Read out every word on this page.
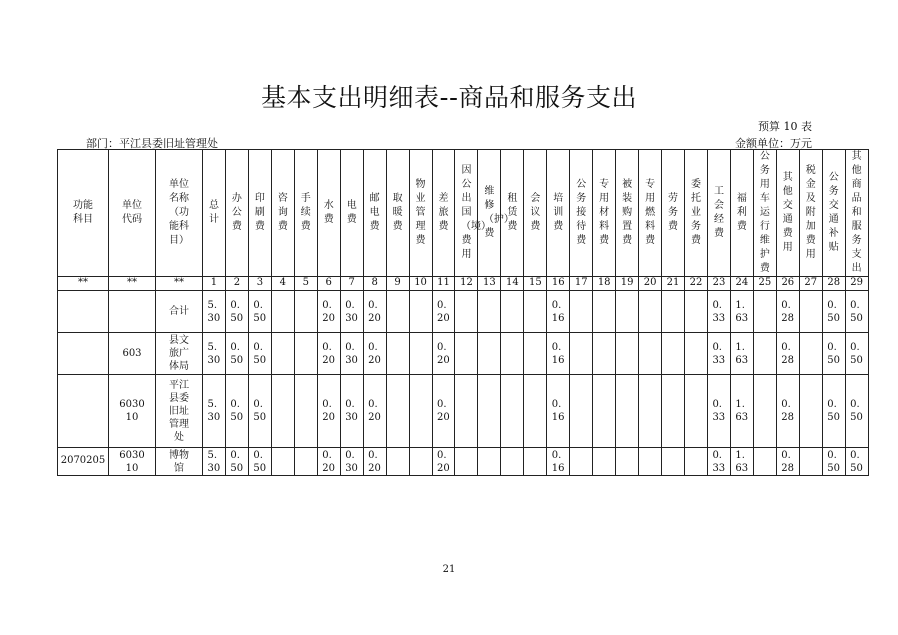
基本支出明细表--商品和服务支出
预算 10 表
部门：平江县委旧址管理处	金额单位：万元
功能科目	单位代码	单位名称（功能科目）	总计	办公费	印刷费	咨询费	手续费	水费	电费	邮电费	取暖费	物业管理费	差旅费	因公出国（境）费用	维修（护）费	租赁费	会议费	培训费	公务接待费	专用材料费	被装购置费	专用燃料费	劳务费	委托业务费	工会经费	福利费	公务用车运行维护费	其他交通费用	税金及附加费用	公务交通补贴	其他商品和服务支出

**	**	**	1	2	3	4	5	6	7	8	9	10	11	12	13	14	15	16	17	18	19	20	21	22	23	24	25	26	27	28	29

		合计	5.30	0.50	0.50			0.20	0.30	0.20			0.20					0.16							0.33	1.63		0.28		0.50	0.50

	603	县文旅广体局	5.30	0.50	0.50			0.20	0.30	0.20			0.20					0.16							0.33	1.63		0.28		0.50	0.50

	603010	平江县委旧址管理处	5.30	0.50	0.50			0.20	0.30	0.20			0.20					0.16							0.33	1.63		0.28		0.50	0.50

2070205	603010	博物馆	5.30	0.50	0.50			0.20	0.30	0.20			0.20					0.16							0.33	1.63		0.28		0.50	0.50
21
